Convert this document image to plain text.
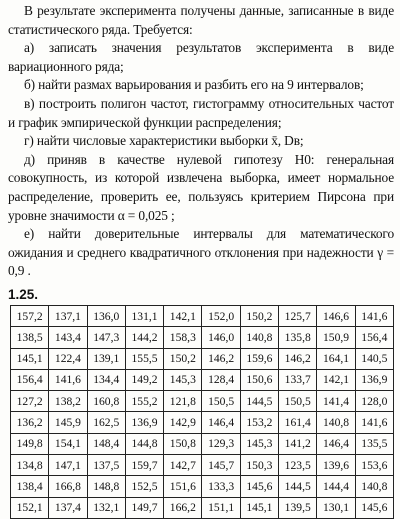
В результате эксперимента получены данные, записанные в виде статистического ряда. Требуется:

а) записать значения результатов эксперимента в виде вариационного ряда;

б) найти размах варьирования и разбить его на 9 интервалов;

в) построить полигон частот, гистограмму относительных частот и график эмпирической функции распределения;

г) найти числовые характеристики выборки x̄, Dв;

д) приняв в качестве нулевой гипотезу H0: генеральная совокупность, из которой извлечена выборка, имеет нормальное распределение, проверить ее, пользуясь критерием Пирсона при уровне значимости α = 0,025 ;

е) найти доверительные интервалы для математического ожидания и среднего квадратичного отклонения при надежности γ = 0,9 .

1.25.
157,2	137,1	136,0	131,1	142,1	152,0	150,2	125,7	146,6	141,6
138,5	143,4	147,3	144,2	158,3	146,0	140,8	135,8	150,9	156,4
145,1	122,4	139,1	155,5	150,2	146,2	159,6	146,2	164,1	140,5
156,4	141,6	134,4	149,2	145,3	128,4	150,6	133,7	142,1	136,9
127,2	138,2	160,8	155,2	121,8	150,5	144,5	150,5	141,4	128,0
136,2	145,9	162,5	136,9	142,9	146,4	153,2	161,4	140,8	141,6
149,8	154,1	148,4	144,8	150,8	129,3	145,3	141,2	146,4	135,5
134,8	147,1	137,5	159,7	142,7	145,7	150,3	123,5	139,6	153,6
138,4	166,8	148,8	152,5	151,6	133,3	145,6	144,5	144,4	140,8
152,1	137,4	132,1	149,7	166,2	151,1	145,1	139,5	130,1	145,6
